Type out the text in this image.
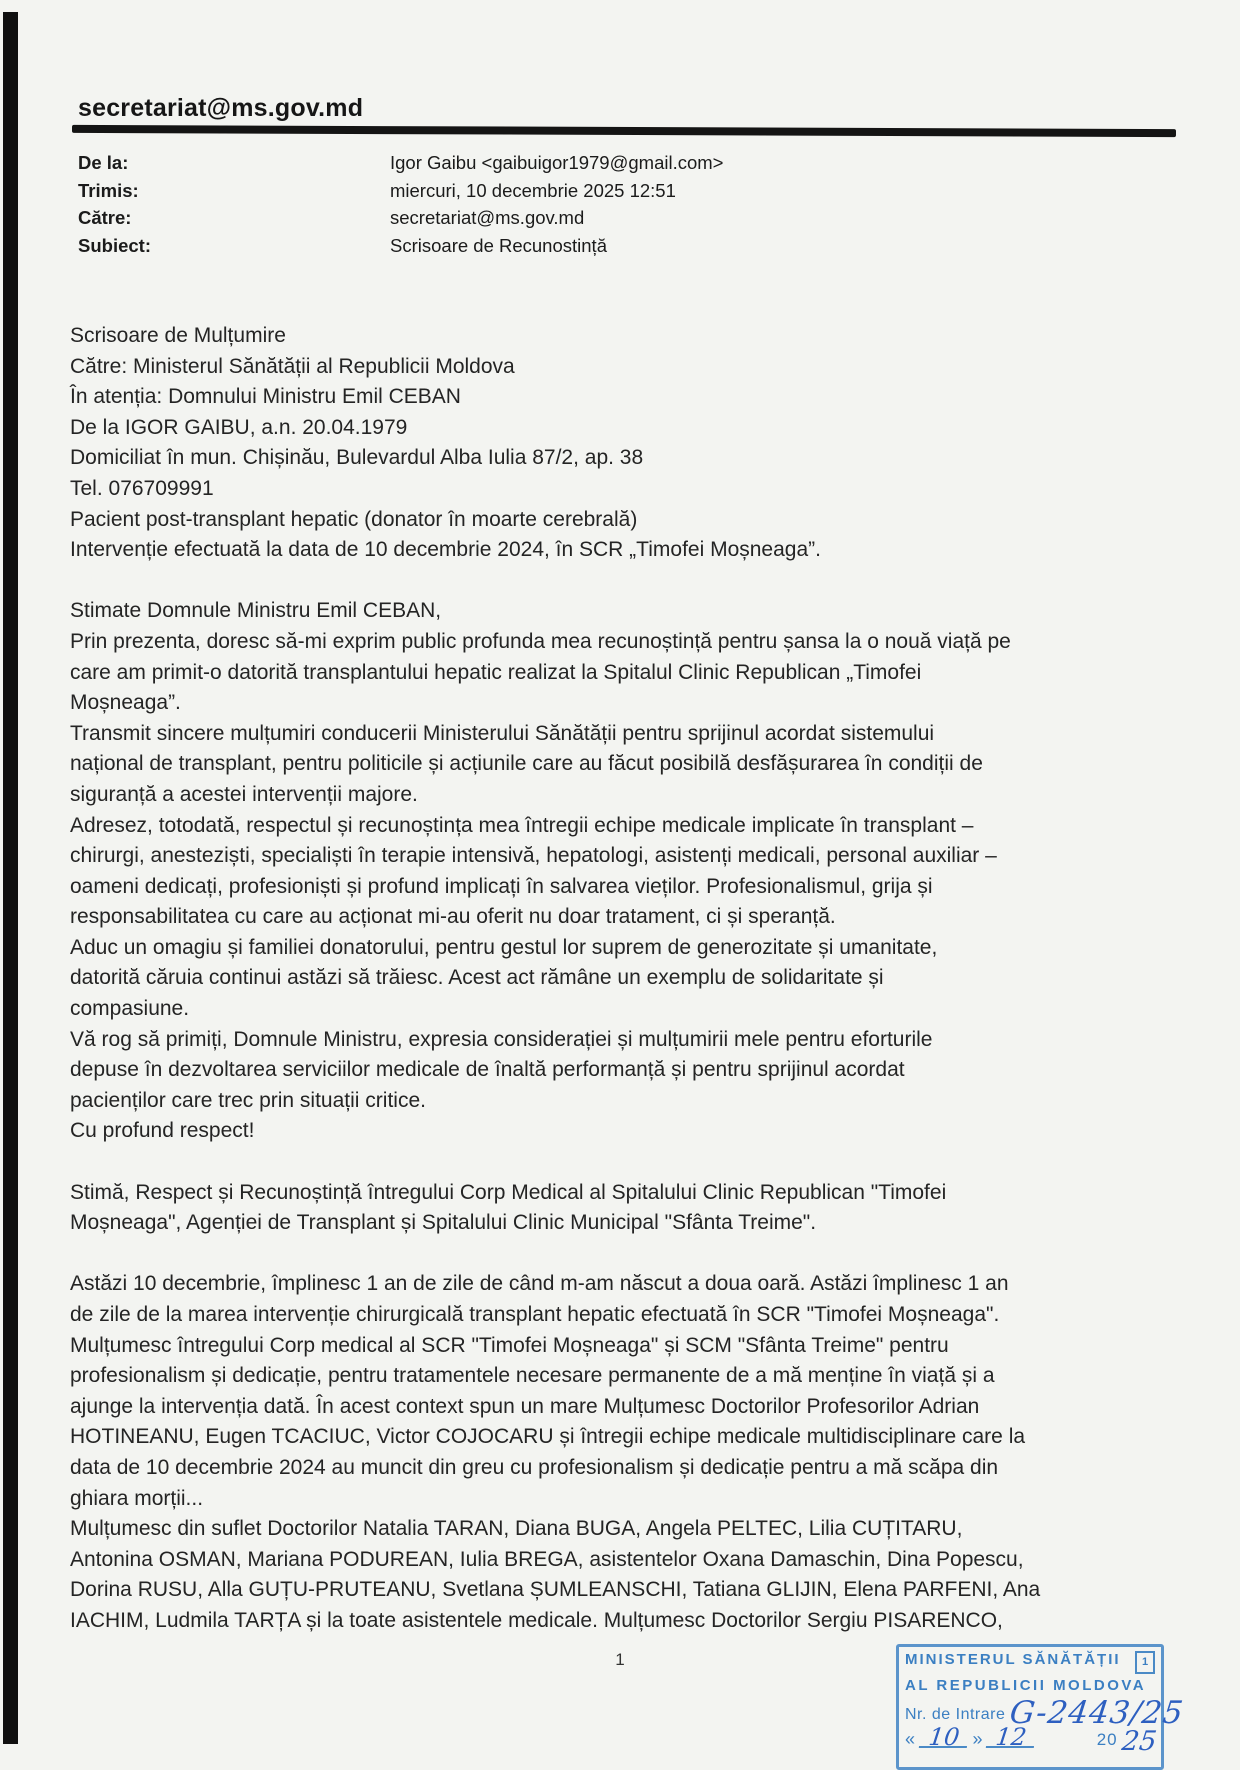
secretariat@ms.gov.md
De la:	Igor Gaibu <gaibuigor1979@gmail.com>
Trimis:	miercuri, 10 decembrie 2025 12:51
Către:	secretariat@ms.gov.md
Subiect:	Scrisoare de Recunostință
Scrisoare de Mulțumire
Către: Ministerul Sănătății al Republicii Moldova
În atenția: Domnului Ministru Emil CEBAN
De la IGOR GAIBU, a.n. 20.04.1979
Domiciliat în mun. Chișinău, Bulevardul Alba Iulia 87/2, ap. 38
Tel. 076709991
Pacient post-transplant hepatic (donator în moarte cerebrală)
Intervenție efectuată la data de 10 decembrie 2024, în SCR „Timofei Moșneaga”.

Stimate Domnule Ministru Emil CEBAN,
Prin prezenta, doresc să-mi exprim public profunda mea recunoștință pentru șansa la o nouă viață pe
care am primit-o datorită transplantului hepatic realizat la Spitalul Clinic Republican „Timofei
Moșneaga”.
Transmit sincere mulțumiri conducerii Ministerului Sănătății pentru sprijinul acordat sistemului
național de transplant, pentru politicile și acțiunile care au făcut posibilă desfășurarea în condiții de
siguranță a acestei intervenții majore.
Adresez, totodată, respectul și recunoștința mea întregii echipe medicale implicate în transplant –
chirurgi, anesteziști, specialiști în terapie intensivă, hepatologi, asistenți medicali, personal auxiliar –
oameni dedicați, profesioniști și profund implicați în salvarea vieților. Profesionalismul, grija și
responsabilitatea cu care au acționat mi-au oferit nu doar tratament, ci și speranță.
Aduc un omagiu și familiei donatorului, pentru gestul lor suprem de generozitate și umanitate,
datorită căruia continui astăzi să trăiesc. Acest act rămâne un exemplu de solidaritate și
compasiune.
Vă rog să primiți, Domnule Ministru, expresia considerației și mulțumirii mele pentru eforturile
depuse în dezvoltarea serviciilor medicale de înaltă performanță și pentru sprijinul acordat
pacienților care trec prin situații critice.
Cu profund respect!

Stimă, Respect și Recunoștință întregului Corp Medical al Spitalului Clinic Republican "Timofei
Moșneaga", Agenției de Transplant și Spitalului Clinic Municipal "Sfânta Treime".

Astăzi 10 decembrie, împlinesc 1 an de zile de când m-am născut a doua oară. Astăzi împlinesc 1 an
de zile de la marea intervenție chirurgicală transplant hepatic efectuată în SCR "Timofei Moșneaga".
Mulțumesc întregului Corp medical al SCR "Timofei Moșneaga" și SCM "Sfânta Treime" pentru
profesionalism și dedicație, pentru tratamentele necesare permanente de a mă menține în viață și a
ajunge la intervenția dată. În acest context spun un mare Mulțumesc Doctorilor Profesorilor Adrian
HOTINEANU, Eugen TCACIUC, Victor COJOCARU și întregii echipe medicale multidisciplinare care la
data de 10 decembrie 2024 au muncit din greu cu profesionalism și dedicație pentru a mă scăpa din
ghiara morții...
Mulțumesc din suflet Doctorilor Natalia TARAN, Diana BUGA, Angela PELTEC, Lilia CUȚITARU,
Antonina OSMAN, Mariana PODUREAN, Iulia BREGA, asistentelor Oxana Damaschin, Dina Popescu,
Dorina RUSU, Alla GUȚU-PRUTEANU, Svetlana ȘUMLEANSCHI, Tatiana GLIJIN, Elena PARFENI, Ana
IACHIM, Ludmila TARȚA și la toate asistentele medicale. Mulțumesc Doctorilor Sergiu PISARENCO,
1	MINISTERUL SĂNĂTĂȚII	1
AL REPUBLICII MOLDOVA
Nr. de Intrare G-2443/25
« 10 » 12	20 25
